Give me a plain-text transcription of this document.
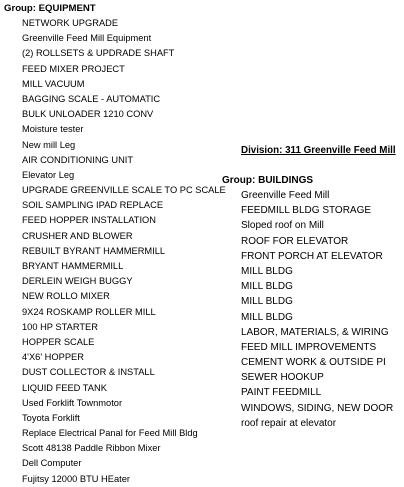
Group: EQUIPMENT
NETWORK UPGRADE
Greenville Feed Mill Equipment
(2) ROLLSETS & UPDRADE SHAFT
FEED MIXER PROJECT
MILL VACUUM
BAGGING SCALE - AUTOMATIC
BULK UNLOADER 1210 CONV
Moisture tester
New mill Leg
AIR CONDITIONING UNIT
Elevator Leg
UPGRADE GREENVILLE SCALE TO PC SCALE
SOIL SAMPLING IPAD REPLACE
FEED HOPPER INSTALLATION
CRUSHER AND BLOWER
REBUILT BYRANT HAMMERMILL
BRYANT HAMMERMILL
DERLEIN WEIGH BUGGY
NEW ROLLO MIXER
9X24 ROSKAMP ROLLER MILL
100 HP STARTER
HOPPER SCALE
4'X6' HOPPER
DUST COLLECTOR & INSTALL
LIQUID FEED TANK
Used Forklift Townmotor
Toyota Forklift
Replace Electrical Panal for Feed Mill Bldg
Scott 48138 Paddle Ribbon Mixer
Dell Computer
Fujitsy 12000 BTU HEater
Division: 311 Greenville Feed Mill
Group: BUILDINGS
Greenville Feed Mill
FEEDMILL BLDG STORAGE
Sloped roof on Mill
ROOF FOR ELEVATOR
FRONT PORCH AT ELEVATOR
MILL BLDG
MILL BLDG
MILL BLDG
MILL BLDG
LABOR, MATERIALS, & WIRING
FEED MILL IMPROVEMENTS
CEMENT WORK & OUTSIDE PI
SEWER HOOKUP
PAINT FEEDMILL
WINDOWS, SIDING, NEW DOOR
roof repair at elevator
